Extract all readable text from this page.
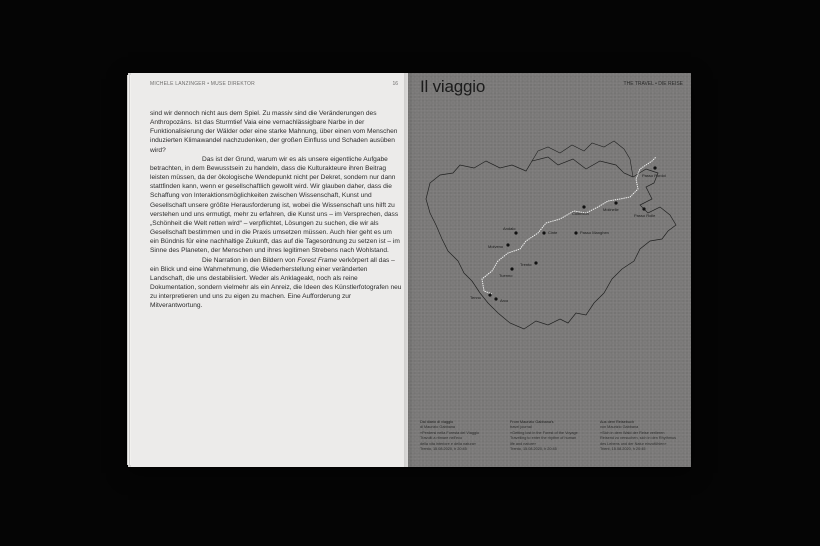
MICHELE LANZINGER • MUSE DIREKTOR	16

sind wir dennoch nicht aus dem Spiel. Zu massiv sind die Veränderungen des Anthropozäns. Ist das Sturmtief Vaia eine vernachlässigbare Narbe in der Funktionalisierung der Wälder oder eine starke Mahnung, über einen vom Menschen induzierten Klimawandel nachzudenken, der großen Einfluss und Schaden ausüben wird?

Das ist der Grund, warum wir es als unsere eigentliche Aufgabe betrachten, in dem Bewusstsein zu handeln, dass die Kulturakteure ihren Beitrag leisten müssen, da der ökologische Wendepunkt nicht per Dekret, sondern nur dann stattfinden kann, wenn er gesellschaftlich gewollt wird. Wir glauben daher, dass die Schaffung von Interaktionsmöglichkeiten zwischen Wissenschaft, Kunst und Gesellschaft unsere größte Herausforderung ist, wobei die Wissenschaft uns hilft zu verstehen und uns ermutigt, mehr zu erfahren, die Kunst uns – im Versprechen, dass „Schönheit die Welt retten wird“ – verpflichtet, Lösungen zu suchen, die wir als Gesellschaft bestimmen und in die Praxis umsetzen müssen. Auch hier geht es um ein Bündnis für eine nachhaltige Zukunft, das auf die Tagesordnung zu setzen ist – im Sinne des Planeten, der Menschen und ihres legitimen Strebens nach Wohlstand.

Die Narration in den Bildern von Forest Frame verkörpert all das – ein Blick und eine Wahrnehmung, die Wiederherstellung einer veränderten Landschaft, die uns destabilisiert. Weder als Anklageakt, noch als reine Dokumentation, sondern vielmehr als ein Anreiz, die Ideen des Künstlerfotografen neu zu interpretieren und uns zu eigen zu machen. Eine Aufforderung zur Mitverantwortung.

Il viaggio	THE TRAVEL • DIE REISE
Passo Pordoi
Colbricon
Molinelle
Passo Rolle
Cinte	Passo Manghen
Andalo
Molveno
Trento
Tuenno
Tenno
Arco
Dal diario di viaggio
di Maurizio Gabbana
«Perdersi nella Foresta del Viaggio
Travolti a ritmare nell'eco
della vita interiore e della natura»
Trento, 15.08.2020, h 20:45
From Maurizio Gabbana's
travel journal
«Getting lost in the Forest of the Voyage
Travelling to enter the rhythm of human
life and nature»
Trento, 15.08.2020, h 20:45
Aus dem Reisebuch
von Maurizio Gabbana
«Sich in dem Wald der Reise verlieren
Reisend zu versuchen, sich in den Rhythmus
des Lebens und der Natur einzufühlen»
Trient, 15.08.2020, h 20:45
